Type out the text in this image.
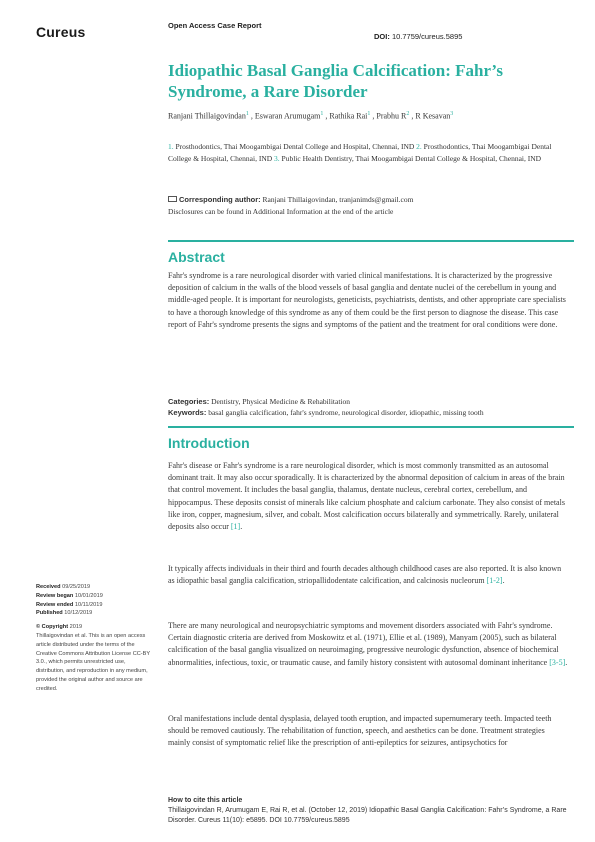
Cureus	Open Access Case Report
DOI: 10.7759/cureus.5895
Idiopathic Basal Ganglia Calcification: Fahr’s Syndrome, a Rare Disorder
Ranjani Thillaigovindan$^1$ , Eswaran Arumugam$^1$ , Rathika Rai$^1$ , Prabhu $R^2$ , R Kesavan$^3$
1. Prosthodontics, Thai Moogambigai Dental College and Hospital, Chennai, IND 2. Prosthodontics, Thai Moogambigai Dental College & Hospital, Chennai, IND 3. Public Health Dentistry, Thai Moogambigai Dental College & Hospital, Chennai, IND
Corresponding author: Ranjani Thillaigovindan, tranjanimds@gmail.com
Disclosures can be found in Additional Information at the end of the article
Abstract
Fahr's syndrome is a rare neurological disorder with varied clinical manifestations. It is characterized by the progressive deposition of calcium in the walls of the blood vessels of basal ganglia and dentate nuclei of the cerebellum in young and middle-aged people. It is important for neurologists, geneticists, psychiatrists, dentists, and other appropriate care specialists to have a thorough knowledge of this syndrome as any of them could be the first person to diagnose the disease. This case report of Fahr's syndrome presents the signs and symptoms of the patient and the treatment for oral conditions were done.
Categories: Dentistry, Physical Medicine & Rehabilitation
Keywords: basal ganglia calcification, fahr's syndrome, neurological disorder, idiopathic, missing tooth
Introduction
Fahr's disease or Fahr's syndrome is a rare neurological disorder, which is most commonly transmitted as an autosomal dominant trait. It may also occur sporadically. It is characterized by the abnormal deposition of calcium in areas of the brain that control movement. It includes the basal ganglia, thalamus, dentate nucleus, cerebral cortex, cerebellum, and hippocampus. These deposits consist of minerals like calcium phosphate and calcium carbonate. They also consist of metals like iron, copper, magnesium, silver, and cobalt. Most calcification occurs bilaterally and symmetrically. Rarely, unilateral deposits also occur [1].
It typically affects individuals in their third and fourth decades although childhood cases are also reported. It is also known as idiopathic basal ganglia calcification, striopallidodentate calcification, and calcinosis nucleorum [1-2].
There are many neurological and neuropsychiatric symptoms and movement disorders associated with Fahr's syndrome. Certain diagnostic criteria are derived from Moskowitz et al. (1971), Ellie et al. (1989), Manyam (2005), such as bilateral calcification of the basal ganglia visualized on neuroimaging, progressive neurologic dysfunction, absence of biochemical abnormalities, infectious, toxic, or traumatic cause, and family history consistent with autosomal dominant inheritance [3-5].
Oral manifestations include dental dysplasia, delayed tooth eruption, and impacted supernumerary teeth. Impacted teeth should be removed cautiously. The rehabilitation of function, speech, and aesthetics can be done. Treatment strategies mainly consist of symptomatic relief like the prescription of anti-epileptics for seizures, antipsychotics for
Received 09/25/2019
Review began 10/01/2019
Review ended 10/11/2019
Published 10/12/2019
© Copyright 2019
Thillaigovindan et al. This is an open access article distributed under the terms of the Creative Commons Attribution License CC-BY 3.0., which permits unrestricted use, distribution, and reproduction in any medium, provided the original author and source are credited.
How to cite this article
Thillaigovindan R, Arumugam E, Rai R, et al. (October 12, 2019) Idiopathic Basal Ganglia Calcification: Fahr’s Syndrome, a Rare Disorder. Cureus 11(10): e5895. DOI 10.7759/cureus.5895
